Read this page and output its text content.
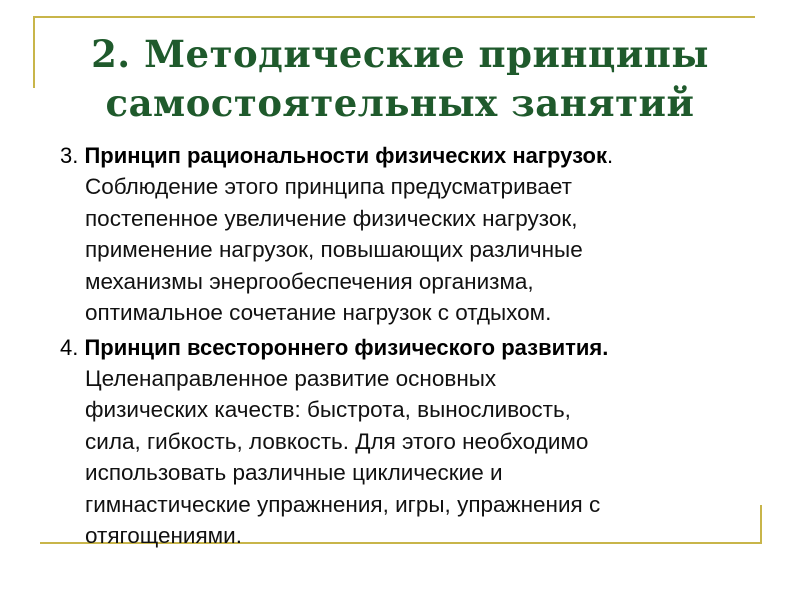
2. Методические принципы
самостоятельных занятий

3. Принцип рациональности физических нагрузок.
Соблюдение этого принципа предусматривает
постепенное увеличение физических нагрузок,
применение нагрузок, повышающих различные
механизмы энергообеспечения организма,
оптимальное сочетание нагрузок с отдыхом.

4. Принцип всестороннего физического развития.
Целенаправленное развитие основных
физических качеств: быстрота, выносливость,
сила, гибкость, ловкость. Для этого необходимо
использовать различные циклические и
гимнастические упражнения, игры, упражнения с
отягощениями.
